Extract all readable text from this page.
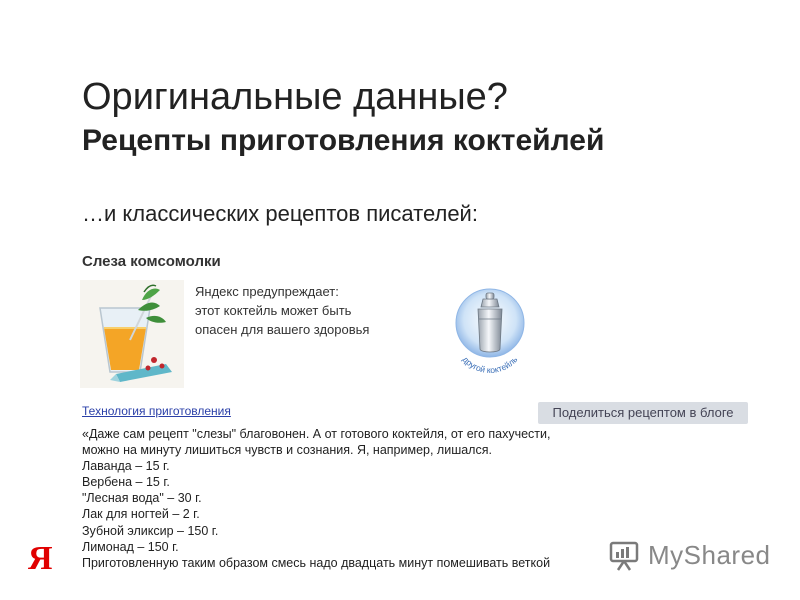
Оригинальные данные?
Рецепты приготовления коктейлей
…и классических рецептов писателей:
Слеза комсомолки
Яндекс предупреждает:
этот коктейль может быть
опасен для вашего здоровья
другой коктейль
Технология приготовления	Поделиться рецептом в блоге
«Даже сам рецепт "слезы" благовонен. А от готового коктейля, от его пахучести,
можно на минуту лишиться чувств и сознания. Я, например, лишался.
Лаванда – 15 г.
Вербена – 15 г.
"Лесная вода" – 30 г.
Лак для ногтей – 2 г.
Зубной эликсир – 150 г.
Лимонад – 150 г.
Приготовленную таким образом смесь надо двадцать минут помешивать веткой
Я	MyShared
